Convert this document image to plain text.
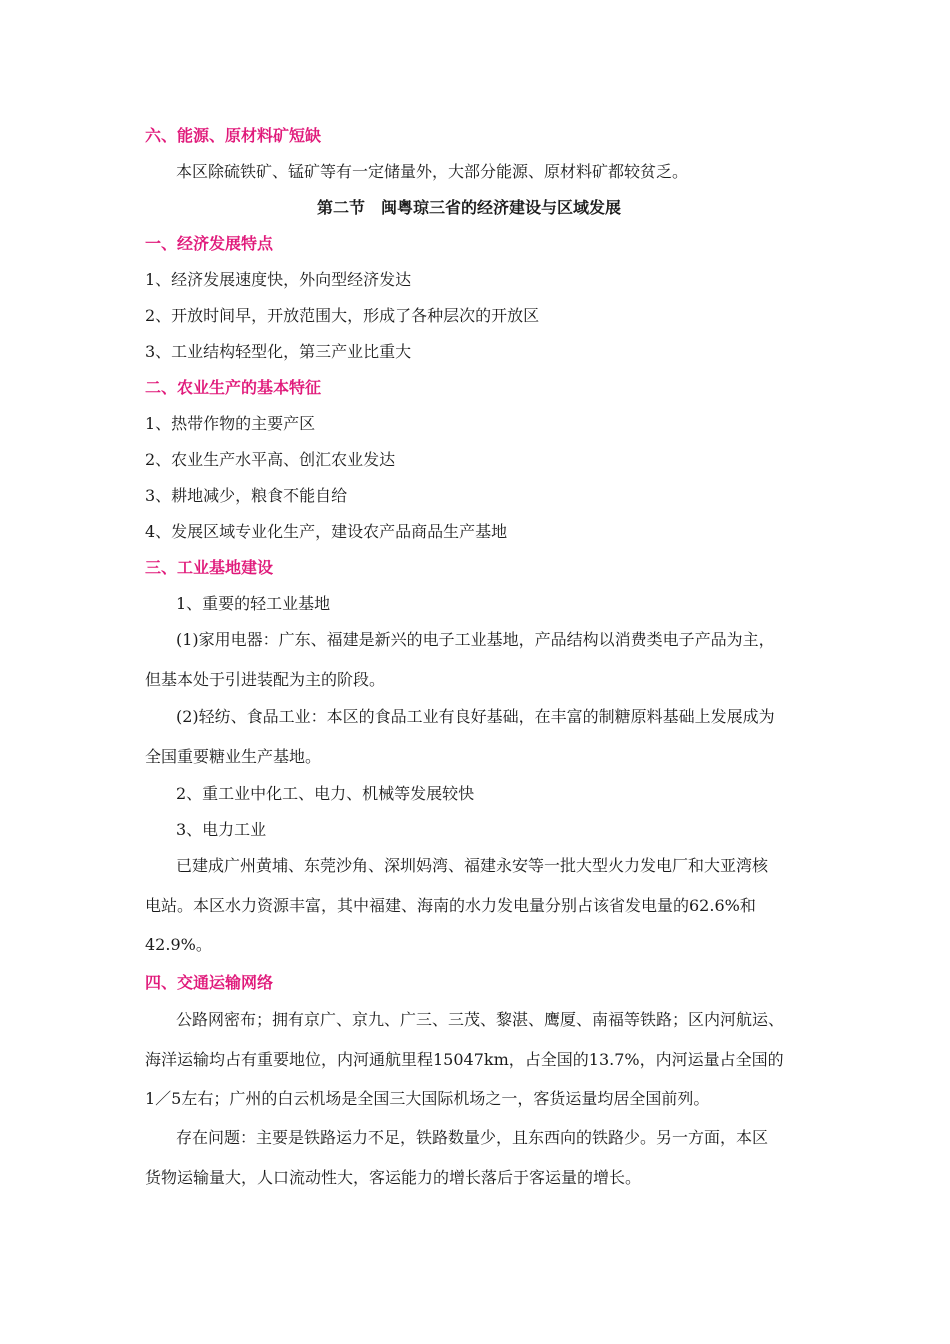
六、能源、原材料矿短缺
本区除硫铁矿、锰矿等有一定储量外，大部分能源、原材料矿都较贫乏。
第二节　闽粤琼三省的经济建设与区域发展
一、经济发展特点
1、经济发展速度快，外向型经济发达
2、开放时间早，开放范围大，形成了各种层次的开放区
3、工业结构轻型化，第三产业比重大
二、农业生产的基本特征
1、热带作物的主要产区
2、农业生产水平高、创汇农业发达
3、耕地减少，粮食不能自给
4、发展区域专业化生产，建设农产品商品生产基地
三、工业基地建设
1、重要的轻工业基地
(1)家用电器：广东、福建是新兴的电子工业基地，产品结构以消费类电子产品为主，
但基本处于引进装配为主的阶段。
(2)轻纺、食品工业：本区的食品工业有良好基础，在丰富的制糖原料基础上发展成为
全国重要糖业生产基地。
2、重工业中化工、电力、机械等发展较快
3、电力工业
已建成广州黄埔、东莞沙角、深圳妈湾、福建永安等一批大型火力发电厂和大亚湾核
电站。本区水力资源丰富，其中福建、海南的水力发电量分别占该省发电量的62.6%和
42.9%。
四、交通运输网络
公路网密布；拥有京广、京九、广三、三茂、黎湛、鹰厦、南福等铁路；区内河航运、
海洋运输均占有重要地位，内河通航里程15047km，占全国的13.7%，内河运量占全国的
1／5左右；广州的白云机场是全国三大国际机场之一，客货运量均居全国前列。
存在问题：主要是铁路运力不足，铁路数量少，且东西向的铁路少。另一方面，本区
货物运输量大，人口流动性大，客运能力的增长落后于客运量的增长。
